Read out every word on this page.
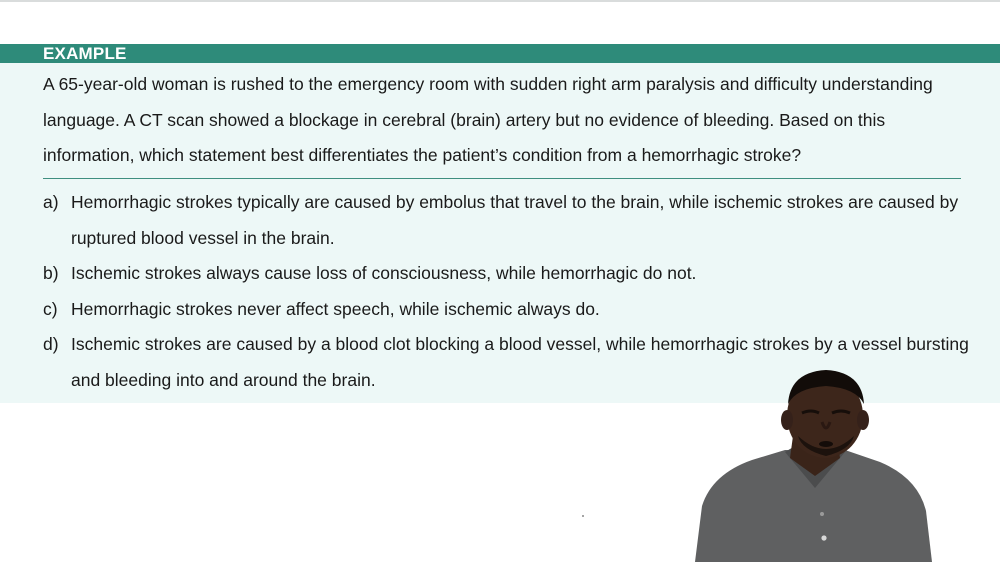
EXAMPLE
A 65-year-old woman is rushed to the emergency room with sudden right arm paralysis and difficulty understanding language. A CT scan showed a blockage in cerebral (brain) artery but no evidence of bleeding. Based on this information, which statement best differentiates the patient’s condition from a hemorrhagic stroke?
a) Hemorrhagic strokes typically are caused by embolus that travel to the brain, while ischemic strokes are caused by ruptured blood vessel in the brain.
b) Ischemic strokes always cause loss of consciousness, while hemorrhagic do not.
c) Hemorrhagic strokes never affect speech, while ischemic always do.
d) Ischemic strokes are caused by a blood clot blocking a blood vessel, while hemorrhagic strokes by a vessel bursting and bleeding into and around the brain.
